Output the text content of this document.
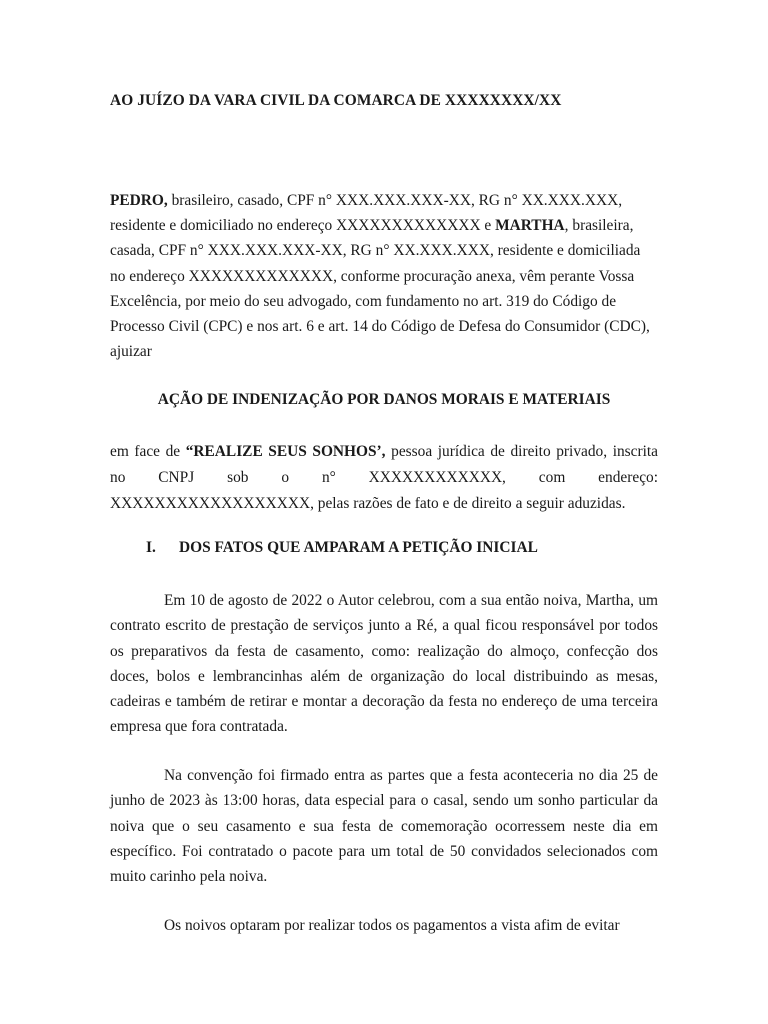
AO JUÍZO DA VARA CIVIL DA COMARCA DE XXXXXXXX/XX

PEDRO, brasileiro, casado, CPF n° XXX.XXX.XXX-XX, RG n° XX.XXX.XXX, residente e domiciliado no endereço XXXXXXXXXXXXX e MARTHA, brasileira, casada, CPF n° XXX.XXX.XXX-XX, RG n° XX.XXX.XXX, residente e domiciliada no endereço XXXXXXXXXXXXX, conforme procuração anexa, vêm perante Vossa Excelência, por meio do seu advogado, com fundamento no art. 319 do Código de Processo Civil (CPC) e nos art. 6 e art. 14 do Código de Defesa do Consumidor (CDC), ajuizar

AÇÃO DE INDENIZAÇÃO POR DANOS MORAIS E MATERIAIS

em face de “REALIZE SEUS SONHOS’, pessoa jurídica de direito privado, inscrita no CNPJ sob o n° XXXXXXXXXXXX, com endereço: XXXXXXXXXXXXXXXXXX, pelas razões de fato e de direito a seguir aduzidas.

I. DOS FATOS QUE AMPARAM A PETIÇÃO INICIAL

Em 10 de agosto de 2022 o Autor celebrou, com a sua então noiva, Martha, um contrato escrito de prestação de serviços junto a Ré, a qual ficou responsável por todos os preparativos da festa de casamento, como: realização do almoço, confecção dos doces, bolos e lembrancinhas além de organização do local distribuindo as mesas, cadeiras e também de retirar e montar a decoração da festa no endereço de uma terceira empresa que fora contratada.

Na convenção foi firmado entra as partes que a festa aconteceria no dia 25 de junho de 2023 às 13:00 horas, data especial para o casal, sendo um sonho particular da noiva que o seu casamento e sua festa de comemoração ocorressem neste dia em específico. Foi contratado o pacote para um total de 50 convidados selecionados com muito carinho pela noiva.

Os noivos optaram por realizar todos os pagamentos a vista afim de evitar
